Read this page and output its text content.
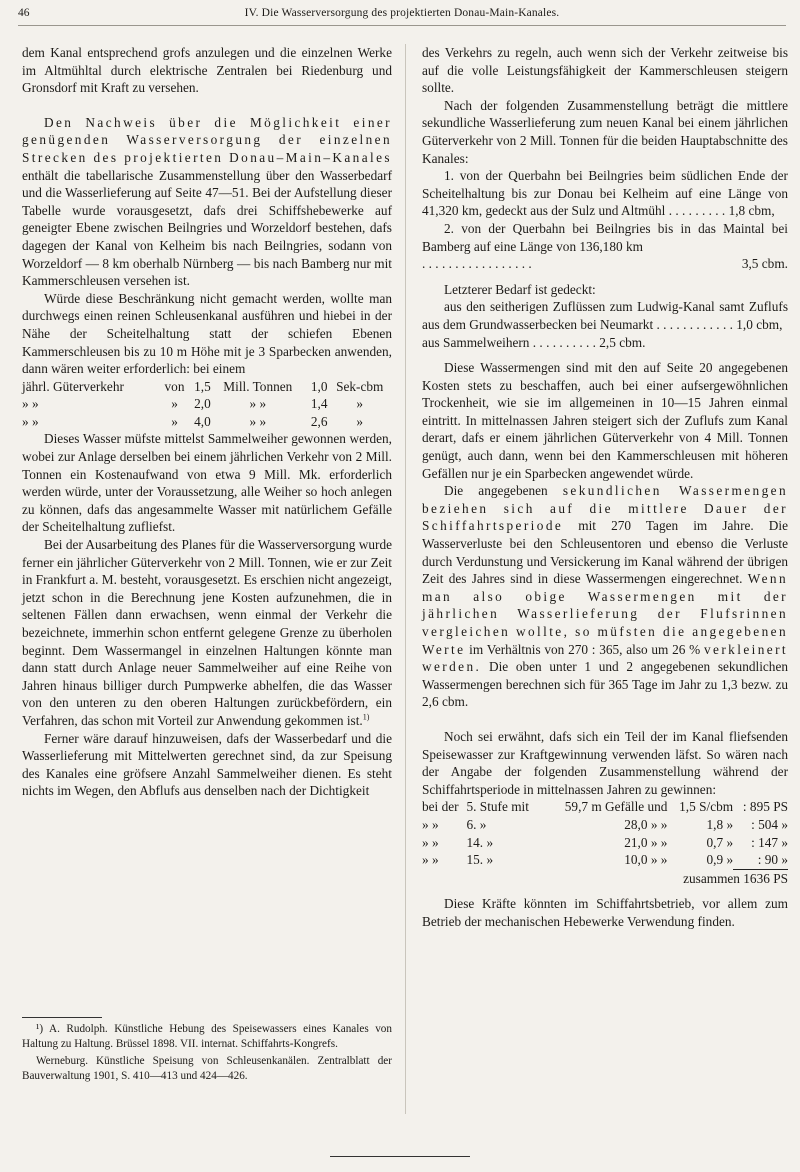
46	IV. Die Wasserversorgung des projektierten Donau-Main-Kanales.

dem Kanal entsprechend grofs anzulegen und die einzelnen Werke im Altmühltal durch elektrische Zentralen bei Riedenburg und Gronsdorf mit Kraft zu versehen.

Den Nachweis über die Möglichkeit einer genügenden Wasserversorgung der einzelnen Strecken des projektierten Donau–Main–Kanales enthält die tabellarische Zusammenstellung über den Wasserbedarf und die Wasserlieferung auf Seite 47—51. Bei der Aufstellung dieser Tabelle wurde vorausgesetzt, dafs drei Schiffshebewerke auf geneigter Ebene zwischen Beilngries und Worzeldorf bestehen, dafs dagegen der Kanal von Kelheim bis nach Beilngries, sodann von Worzeldorf — 8 km oberhalb Nürnberg — bis nach Bamberg nur mit Kammerschleusen versehen ist.

Würde diese Beschränkung nicht gemacht werden, wollte man durchwegs einen reinen Schleusenkanal ausführen und hiebei in der Nähe der Scheitelhaltung statt der schiefen Ebenen Kammerschleusen bis zu 10 m Höhe mit je 3 Sparbecken anwenden, dann wären weiter erforderlich: bei einem

jährl. Güterverkehr	von	1,5	Mill. Tonnen	1,0	Sek-cbm
» »	»	2,0	» »	1,4	»
» »	»	4,0	» »	2,6	»

Dieses Wasser müfste mittelst Sammelweiher gewonnen werden, wobei zur Anlage derselben bei einem jährlichen Verkehr von 2 Mill. Tonnen ein Kostenaufwand von etwa 9 Mill. Mk. erforderlich werden würde, unter der Voraussetzung, alle Weiher so hoch anlegen zu können, dafs das angesammelte Wasser mit natürlichem Gefälle der Scheitelhaltung zufliefst.

Bei der Ausarbeitung des Planes für die Wasserversorgung wurde ferner ein jährlicher Güterverkehr von 2 Mill. Tonnen, wie er zur Zeit in Frankfurt a. M. besteht, vorausgesetzt. Es erschien nicht angezeigt, jetzt schon in die Berechnung jene Kosten aufzunehmen, die in seltenen Fällen dann erwachsen, wenn einmal der Verkehr die bezeichnete, immerhin schon entfernt gelegene Grenze zu überholen beginnt. Dem Wassermangel in einzelnen Haltungen könnte man dann statt durch Anlage neuer Sammelweiher auf eine Reihe von Jahren hinaus billiger durch Pumpwerke abhelfen, die das Wasser von den unteren zu den oberen Haltungen zurückbefördern, ein Verfahren, das schon mit Vorteil zur Anwendung gekommen ist.$^{1)}$

Ferner wäre darauf hinzuweisen, dafs der Wasserbedarf und die Wasserlieferung mit Mittelwerten gerechnet sind, da zur Speisung des Kanales eine gröfsere Anzahl Sammelweiher dienen. Es steht nichts im Wegen, den Abflufs aus denselben nach der Dichtigkeit

¹) A. Rudolph. Künstliche Hebung des Speisewassers eines Kanales von Haltung zu Haltung. Brüssel 1898. VII. internat. Schiffahrts-Kongrefs.

Werneburg. Künstliche Speisung von Schleusenkanälen. Zentralblatt der Bauverwaltung 1901, S. 410—413 und 424—426.

des Verkehrs zu regeln, auch wenn sich der Verkehr zeitweise bis auf die volle Leistungsfähigkeit der Kammerschleusen steigern sollte.

Nach der folgenden Zusammenstellung beträgt die mittlere sekundliche Wasserlieferung zum neuen Kanal bei einem jährlichen Güterverkehr von 2 Mill. Tonnen für die beiden Hauptabschnitte des Kanales:

1. von der Querbahn bei Beilngries beim südlichen Ende der Scheitelhaltung bis zur Donau bei Kelheim auf eine Länge von 41,320 km, gedeckt aus der Sulz und Altmühl . . . . . . . . . 1,8 cbm,

2. von der Querbahn bei Beilngries bis in das Maintal bei Bamberg auf eine Länge von 136,180 km

. . . . . . . . . . . . . . . . .	3,5 cbm.

Letzterer Bedarf ist gedeckt:

aus den seitherigen Zuflüssen zum Ludwig-Kanal samt Zuflufs aus dem Grundwasserbecken bei Neumarkt . . . . . . . . . . . . 1,0 cbm,

aus Sammelweihern . . . . . . . . . . 2,5 cbm.

Diese Wassermengen sind mit den auf Seite 20 angegebenen Kosten stets zu beschaffen, auch bei einer aufsergewöhnlichen Trockenheit, wie sie im allgemeinen in 10—15 Jahren einmal eintritt. In mittelnassen Jahren steigert sich der Zuflufs zum Kanal derart, dafs er einem jährlichen Güterverkehr von 4 Mill. Tonnen genügt, auch dann, wenn bei den Kammerschleusen mit höheren Gefällen nur je ein Sparbecken angewendet würde.

Die angegebenen sekundlichen Wassermengen beziehen sich auf die mittlere Dauer der Schiffahrtsperiode mit 270 Tagen im Jahre. Die Wasserverluste bei den Schleusentoren und ebenso die Verluste durch Verdunstung und Versickerung im Kanal während der übrigen Zeit des Jahres sind in diese Wassermengen eingerechnet. Wenn man also obige Wassermengen mit der jährlichen Wasserlieferung der Flufsrinnen vergleichen wollte, so müfsten die angegebenen Werte im Verhältnis von 270 : 365, also um 26 % verkleinert werden. Die oben unter 1 und 2 angegebenen sekundlichen Wassermengen berechnen sich für 365 Tage im Jahr zu 1,3 bezw. zu 2,6 cbm.

Noch sei erwähnt, dafs sich ein Teil der im Kanal fliefsenden Speisewasser zur Kraftgewinnung verwenden läfst. So wären nach der Angabe der folgenden Zusammenstellung während der Schiffahrtsperiode in mittelnassen Jahren zu gewinnen:

bei der	5. Stufe mit	59,7 m Gefälle und	1,5 S/cbm	: 895 PS
» »	6. »	28,0 » »	1,8 »	: 504 »
» »	14. »	21,0 » »	0,7 »	: 147 »
» »	15. »	10,0 » »	0,9 »	: 90 »
zusammen 1636 PS

Diese Kräfte könnten im Schiffahrtsbetrieb, vor allem zum Betrieb der mechanischen Hebewerke Verwendung finden.
